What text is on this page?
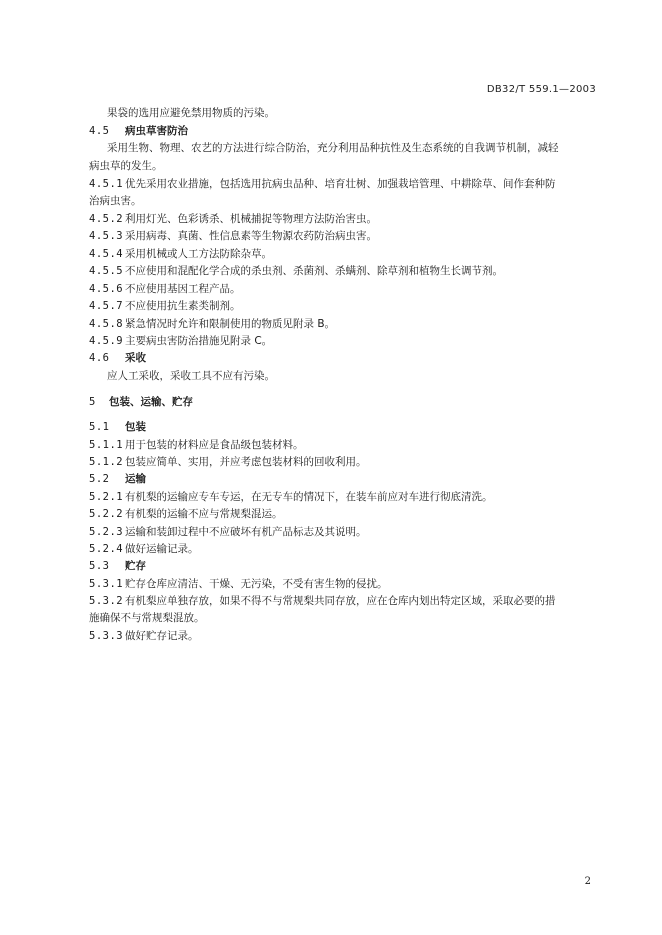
DB32/T 559.1—2003
果袋的选用应避免禁用物质的污染。
4.5 病虫草害防治
采用生物、物理、农艺的方法进行综合防治，充分利用品种抗性及生态系统的自我调节机制，减轻
病虫草的发生。
4.5.1 优先采用农业措施，包括选用抗病虫品种、培育壮树、加强栽培管理、中耕除草、间作套种防
治病虫害。
4.5.2 利用灯光、色彩诱杀、机械捕捉等物理方法防治害虫。
4.5.3 采用病毒、真菌、性信息素等生物源农药防治病虫害。
4.5.4 采用机械或人工方法防除杂草。
4.5.5 不应使用和混配化学合成的杀虫剂、杀菌剂、杀螨剂、除草剂和植物生长调节剂。
4.5.6 不应使用基因工程产品。
4.5.7 不应使用抗生素类制剂。
4.5.8 紧急情况时允许和限制使用的物质见附录 B。
4.5.9 主要病虫害防治措施见附录 C。
4.6 采收
应人工采收，采收工具不应有污染。
5 包装、运输、贮存
5.1 包装
5.1.1 用于包装的材料应是食品级包装材料。
5.1.2 包装应简单、实用，并应考虑包装材料的回收利用。
5.2 运输
5.2.1 有机梨的运输应专车专运，在无专车的情况下，在装车前应对车进行彻底清洗。
5.2.2 有机梨的运输不应与常规梨混运。
5.2.3 运输和装卸过程中不应破坏有机产品标志及其说明。
5.2.4 做好运输记录。
5.3 贮存
5.3.1 贮存仓库应清洁、干燥、无污染，不受有害生物的侵扰。
5.3.2 有机梨应单独存放，如果不得不与常规梨共同存放，应在仓库内划出特定区域，采取必要的措
施确保不与常规梨混放。
5.3.3 做好贮存记录。
2
